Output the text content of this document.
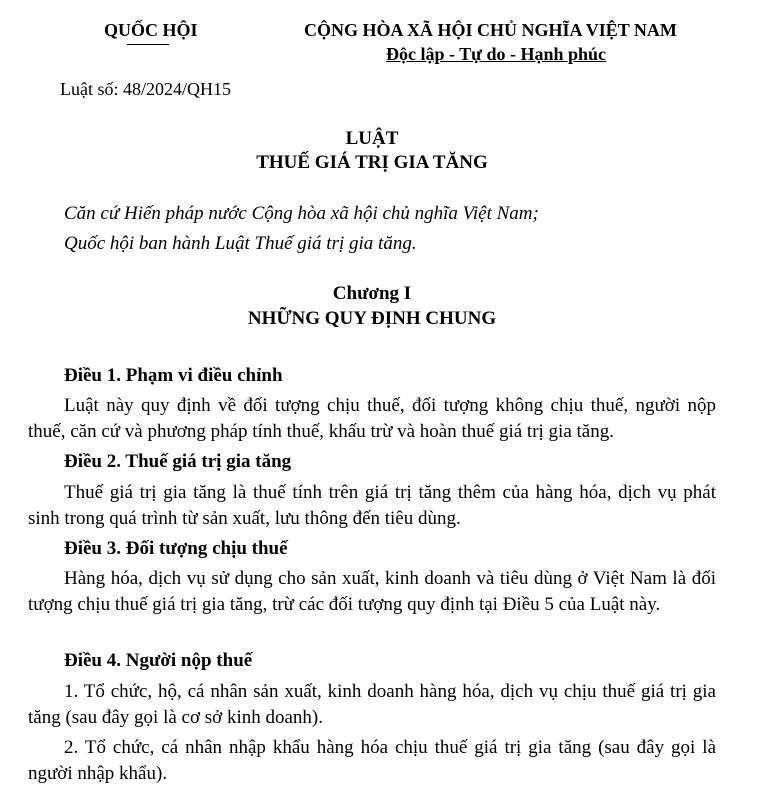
QUỐC HỘI	CỘNG HÒA XÃ HỘI CHỦ NGHĨA VIỆT NAM
Độc lập - Tự do - Hạnh phúc
Luật số: 48/2024/QH15
LUẬT
THUẾ GIÁ TRỊ GIA TĂNG
Căn cứ Hiến pháp nước Cộng hòa xã hội chủ nghĩa Việt Nam;
Quốc hội ban hành Luật Thuế giá trị gia tăng.
Chương I
NHỮNG QUY ĐỊNH CHUNG
Điều 1. Phạm vi điều chỉnh
Luật này quy định về đối tượng chịu thuế, đối tượng không chịu thuế, người nộp thuế, căn cứ và phương pháp tính thuế, khấu trừ và hoàn thuế giá trị gia tăng.
Điều 2. Thuế giá trị gia tăng
Thuế giá trị gia tăng là thuế tính trên giá trị tăng thêm của hàng hóa, dịch vụ phát sinh trong quá trình từ sản xuất, lưu thông đến tiêu dùng.
Điều 3. Đối tượng chịu thuế
Hàng hóa, dịch vụ sử dụng cho sản xuất, kinh doanh và tiêu dùng ở Việt Nam là đối tượng chịu thuế giá trị gia tăng, trừ các đối tượng quy định tại Điều 5 của Luật này.
Điều 4. Người nộp thuế
1. Tổ chức, hộ, cá nhân sản xuất, kinh doanh hàng hóa, dịch vụ chịu thuế giá trị gia tăng (sau đây gọi là cơ sở kinh doanh).
2. Tổ chức, cá nhân nhập khẩu hàng hóa chịu thuế giá trị gia tăng (sau đây gọi là người nhập khẩu).
